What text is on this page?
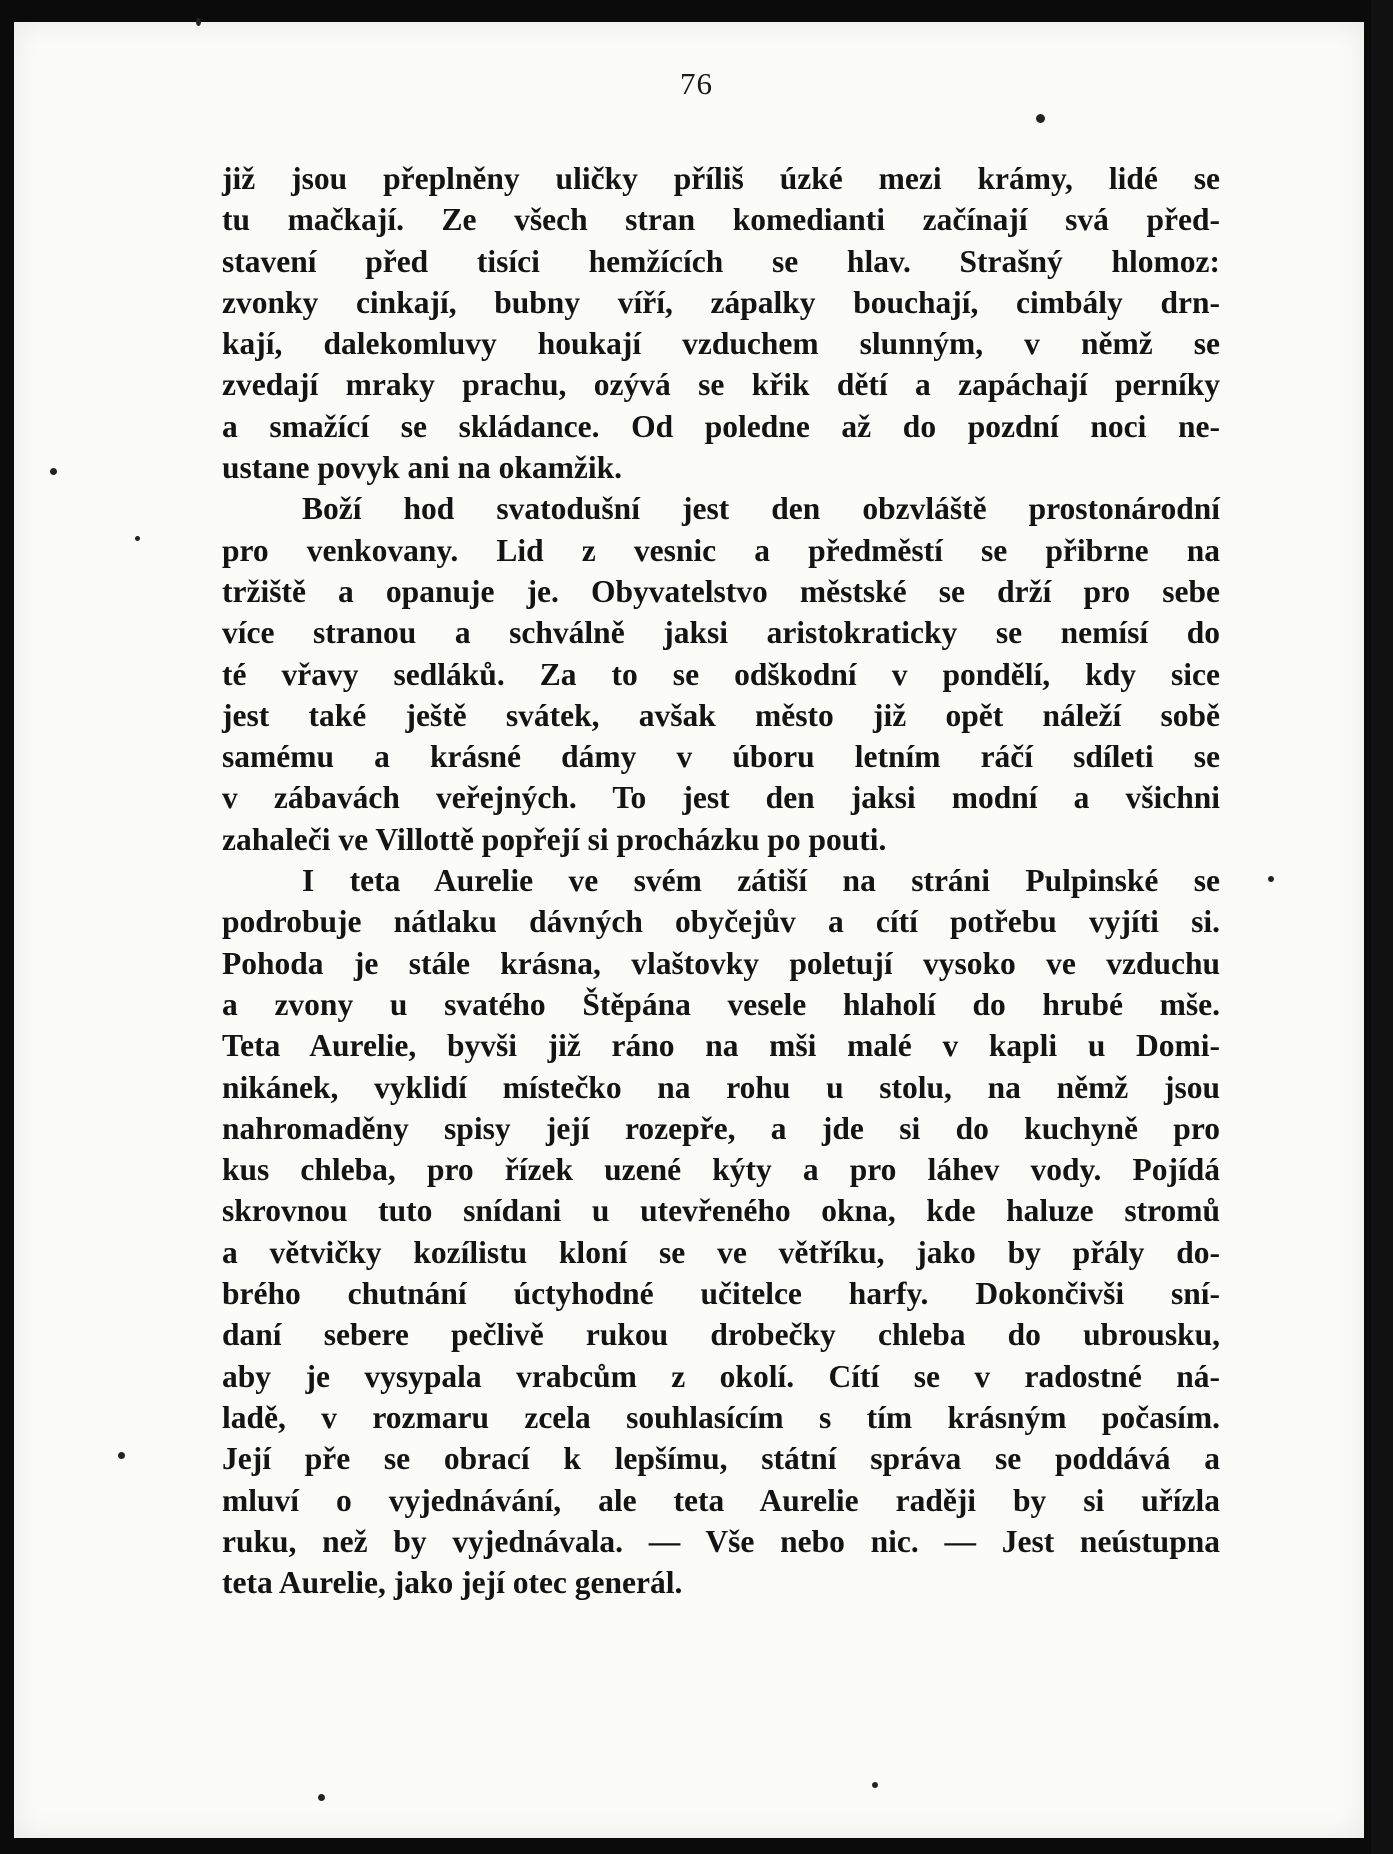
76
již jsou přeplněny uličky příliš úzké mezi krámy, lidé se
tu mačkají. Ze všech stran komedianti začínají svá před-
stavení před tisíci hemžících se hlav. Strašný hlomoz:
zvonky cinkají, bubny víří, zápalky bouchají, cimbály drn-
kají, dalekomluvy houkají vzduchem slunným, v němž se
zvedají mraky prachu, ozývá se křik dětí a zapáchají perníky
a smažící se skládance. Od poledne až do pozdní noci ne-
ustane povyk ani na okamžik.
Boží hod svatodušní jest den obzvláště prostonárodní
pro venkovany. Lid z vesnic a předměstí se přibrne na
tržiště a opanuje je. Obyvatelstvo městské se drží pro sebe
více stranou a schválně jaksi aristokraticky se nemísí do
té vřavy sedláků. Za to se odškodní v pondělí, kdy sice
jest také ještě svátek, avšak město již opět náleží sobě
samému a krásné dámy v úboru letním ráčí sdíleti se
v zábavách veřejných. To jest den jaksi modní a všichni
zahaleči ve Villottě popřejí si procházku po pouti.
I teta Aurelie ve svém zátiší na stráni Pulpinské se
podrobuje nátlaku dávných obyčejův a cítí potřebu vyjíti si.
Pohoda je stále krásna, vlaštovky poletují vysoko ve vzduchu
a zvony u svatého Štěpána vesele hlaholí do hrubé mše.
Teta Aurelie, byvši již ráno na mši malé v kapli u Domi-
nikánek, vyklidí místečko na rohu u stolu, na němž jsou
nahromaděny spisy její rozepře, a jde si do kuchyně pro
kus chleba, pro řízek uzené kýty a pro láhev vody. Pojídá
skrovnou tuto snídani u utevřeného okna, kde haluze stromů
a větvičky kozílistu kloní se ve větříku, jako by přály do-
brého chutnání úctyhodné učitelce harfy. Dokončivši sní-
daní sebere pečlivě rukou drobečky chleba do ubrousku,
aby je vysypala vrabcům z okolí. Cítí se v radostné ná-
ladě, v rozmaru zcela souhlasícím s tím krásným počasím.
Její pře se obrací k lepšímu, státní správa se poddává a
mluví o vyjednávání, ale teta Aurelie raději by si uřízla
ruku, než by vyjednávala. — Vše nebo nic. — Jest neústupna
teta Aurelie, jako její otec generál.
